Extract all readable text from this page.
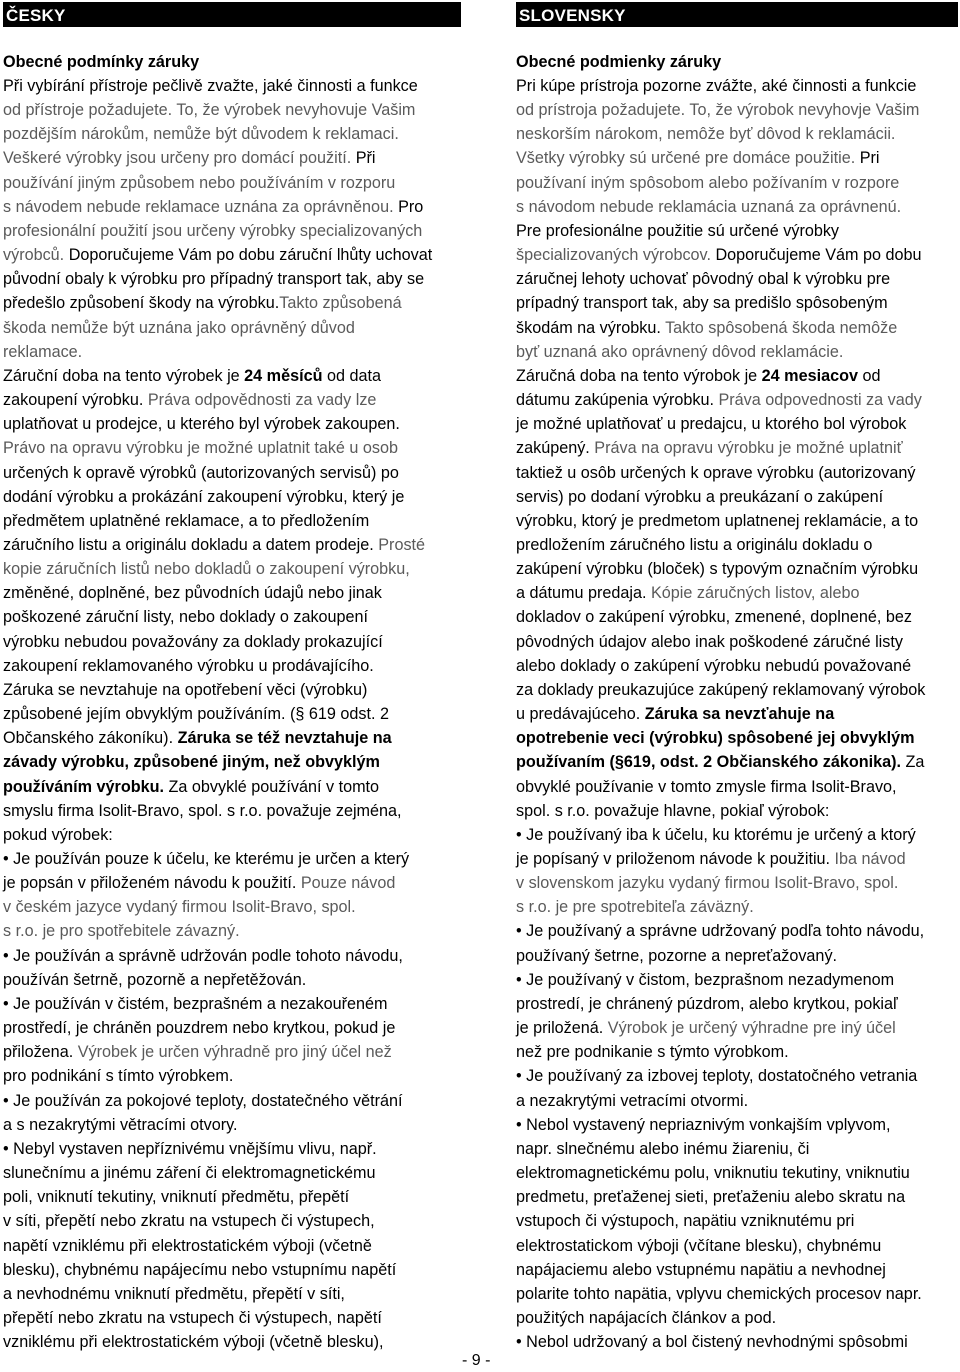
ČESKY
Obecné podmínky záruky
Při vybírání přístroje pečlivě zvažte, jaké činnosti a funkce
od přístroje požadujete. To, že výrobek nevyhovuje Vašim
pozdějším nárokům, nemůže být důvodem k reklamaci.
Veškeré výrobky jsou určeny pro domácí použití. Při
používání jiným způsobem nebo používáním v rozporu
s návodem nebude reklamace uznána za oprávněnou. Pro
profesionální použití jsou určeny výrobky specializovaných
výrobců. Doporučujeme Vám po dobu záruční lhůty uchovat
původní obaly k výrobku pro případný transport tak, aby se
předešlo způsobení škody na výrobku.Takto způsobená
škoda nemůže být uznána jako oprávněný důvod
reklamace.
Záruční doba na tento výrobek je 24 měsíců od data
zakoupení výrobku. Práva odpovědnosti za vady lze
uplatňovat u prodejce, u kterého byl výrobek zakoupen.
Právo na opravu výrobku je možné uplatnit také u osob
určených k opravě výrobků (autorizovaných servisů) po
dodání výrobku a prokázání zakoupení výrobku, který je
předmětem uplatněné reklamace, a to předložením
záručního listu a originálu dokladu a datem prodeje. Prosté
kopie záručních listů nebo dokladů o zakoupení výrobku,
změněné, doplněné, bez původních údajů nebo jinak
poškozené záruční listy, nebo doklady o zakoupení
výrobku nebudou považovány za doklady prokazující
zakoupení reklamovaného výrobku u prodávajícího.
Záruka se nevztahuje na opotřebení věci (výrobku)
způsobené jejím obvyklým používáním. (§ 619 odst. 2
Občanského zákoníku). Záruka se též nevztahuje na
závady výrobku, způsobené jiným, než obvyklým
používáním výrobku. Za obvyklé používání v tomto
smyslu firma Isolit-Bravo, spol. s r.o. považuje zejména,
pokud výrobek:
• Je používán pouze k účelu, ke kterému je určen a který
je popsán v přiloženém návodu k použití. Pouze návod
v českém jazyce vydaný firmou Isolit-Bravo, spol.
s r.o. je pro spotřebitele závazný.
• Je používán a správně udržován podle tohoto návodu,
používán šetrně, pozorně a nepřetěžován.
• Je používán v čistém, bezprašném a nezakouřeném
prostředí, je chráněn pouzdrem nebo krytkou, pokud je
přiložena. Výrobek je určen výhradně pro jiný účel než
pro podnikání s tímto výrobkem.
• Je používán za pokojové teploty, dostatečného větrání
a s nezakrytými větracími otvory.
• Nebyl vystaven nepříznivému vnějšímu vlivu, např.
slunečnímu a jinému záření či elektromagnetickému
poli, vniknutí tekutiny, vniknutí předmětu, přepětí
v síti, přepětí nebo zkratu na vstupech či výstupech,
napětí vzniklému při elektrostatickém výboji (včetně
blesku), chybnému napájecímu nebo vstupnímu napětí
a nevhodnému vniknutí předmětu, přepětí v síti,
přepětí nebo zkratu na vstupech či výstupech, napětí
vzniklému při elektrostatickém výboji (včetně blesku),
SLOVENSKY
Obecné podmienky záruky
Pri kúpe prístroja pozorne zvážte, aké činnosti a funkcie
od prístroja požadujete. To, že výrobok nevyhovje Vašim
neskorším nárokom, nemôže byť dôvod k reklamácii.
Všetky výrobky sú určené pre domáce použitie. Pri
používaní iným spôsobom alebo požívaním v rozpore
s návodom nebude reklamácia uznaná za oprávnenú.
Pre profesionálne použitie sú určené výrobky
špecializovaných výrobcov. Doporučujeme Vám po dobu
záručnej lehoty uchovať pôvodný obal k výrobku pre
prípadný transport tak, aby sa predišlo spôsobeným
škodám na výrobku. Takto spôsobená škoda nemôže
byť uznaná ako oprávnený dôvod reklamácie.
Záručná doba na tento výrobok je 24 mesiacov od
dátumu zakúpenia výrobku. Práva odpovednosti za vady
je možné uplatňovať u predajcu, u ktorého bol výrobok
zakúpený. Práva na opravu výrobku je možné uplatniť
taktiež u osôb určených k oprave výrobku (autorizovaný
servis) po dodaní výrobku a preukázaní o zakúpení
výrobku, ktorý je predmetom uplatnenej reklamácie, a to
predložením záručného listu a originálu dokladu o
zakúpení výrobku (bloček) s typovým označním výrobku
a dátumu predaja. Kópie záručných listov, alebo
dokladov o zakúpení výrobku, zmenené, doplnené, bez
pôvodných údajov alebo inak poškodené záručné listy
alebo doklady o zakúpení výrobku nebudú považované
za doklady preukazujúce zakúpený reklamovaný výrobok
u predávajúceho. Záruka sa nevzťahuje na
opotrebenie veci (výrobku) spôsobené jej obvyklým
používaním (§619, odst. 2 Občianského zákonika). Za
obvyklé používanie v tomto zmysle firma Isolit-Bravo,
spol. s r.o. považuje hlavne, pokiaľ výrobok:
• Je používaný iba k účelu, ku ktorému je určený a ktorý
je popísaný v priloženom návode k použitiu. Iba návod
v slovenskom jazyku vydaný firmou Isolit-Bravo, spol.
s r.o. je pre spotrebiteľa záväzný.
• Je používaný a správne udržovaný podľa tohto návodu,
používaný šetrne, pozorne a nepreťažovaný.
• Je používaný v čistom, bezprašnom nezadymenom
prostredí, je chránený púzdrom, alebo krytkou, pokiaľ
je priložená. Výrobok je určený výhradne pre iný účel
než pre podnikanie s týmto výrobkom.
• Je používaný za izbovej teploty, dostatočného vetrania
a nezakrytými vetracími otvormi.
• Nebol vystavený nepriaznivým vonkajším vplyvom,
napr. slnečnému alebo inému žiareniu, či
elektromagnetickému polu, vniknutiu tekutiny, vniknutiu
predmetu, preťaženej sieti, preťaženiu alebo skratu na
vstupoch či výstupoch, napätiu vzniknutému pri
elektrostatickom výboji (včítane blesku), chybnému
napájaciemu alebo vstupnému napätiu a nevhodnej
polarite tohto napätia, vplyvu chemických procesov napr.
použitých napájacích článkov a pod.
• Nebol udržovaný a bol čistený nevhodnými spôsobmi
- 9 -
